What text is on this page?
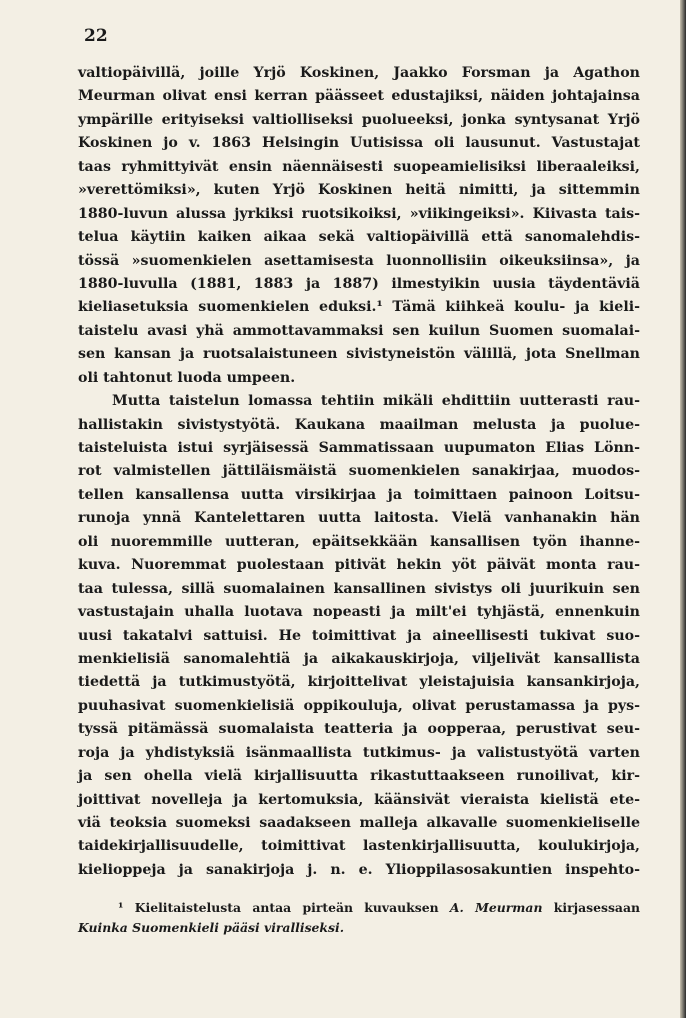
22
valtiopäivillä, joille Yrjö Koskinen, Jaakko Forsman ja Agathon
Meurman olivat ensi kerran päässeet edustajiksi, näiden johtajainsa
ympärille erityiseksi valtiolliseksi puolueeksi, jonka syntysanat Yrjö
Koskinen jo v. 1863 Helsingin Uutisissa oli lausunut. Vastustajat
taas ryhmittyivät ensin näennäisesti suopeamielisiksi liberaaleiksi,
»verettömiksi», kuten Yrjö Koskinen heitä nimitti, ja sittemmin
1880-luvun alussa jyrkiksi ruotsikoiksi, »viikingeiksi». Kiivasta tais-
telua käytiin kaiken aikaa sekä valtiopäivillä että sanomalehdis-
tössä »suomenkielen asettamisesta luonnollisiin oikeuksiinsa», ja
1880-luvulla (1881, 1883 ja 1887) ilmestyikin uusia täydentäviä
kieliasetuksia suomenkielen eduksi.¹ Tämä kiihkeä koulu- ja kieli-
taistelu avasi yhä ammottavammaksi sen kuilun Suomen suomalai-
sen kansan ja ruotsalaistuneen sivistyneistön välillä, jota Snellman
oli tahtonut luoda umpeen.
Mutta taistelun lomassa tehtiin mikäli ehdittiin uutterasti rau-
hallistakin sivistystyötä. Kaukana maailman melusta ja puolue-
taisteluista istui syrjäisessä Sammatissaan uupumaton Elias Lönn-
rot valmistellen jättiläismäistä suomenkielen sanakirjaa, muodos-
tellen kansallensa uutta virsikirjaa ja toimittaen painoon Loitsu-
runoja ynnä Kantelettaren uutta laitosta. Vielä vanhanakin hän
oli nuoremmille uutteran, epäitsekkään kansallisen työn ihanne-
kuva. Nuoremmat puolestaan pitivät hekin yöt päivät monta rau-
taa tulessa, sillä suomalainen kansallinen sivistys oli juurikuin sen
vastustajain uhalla luotava nopeasti ja milt'ei tyhjästä, ennenkuin
uusi takatalvi sattuisi. He toimittivat ja aineellisesti tukivat suo-
menkielisiä sanomalehtiä ja aikakauskirjoja, viljelivät kansallista
tiedettä ja tutkimustyötä, kirjoittelivat yleistajuisia kansankirjoja,
puuhasivat suomenkielisiä oppikouluja, olivat perustamassa ja pys-
tyssä pitämässä suomalaista teatteria ja oopperaa, perustivat seu-
roja ja yhdistyksiä isänmaallista tutkimus- ja valistustyötä varten
ja sen ohella vielä kirjallisuutta rikastuttaakseen runoilivat, kir-
joittivat novelleja ja kertomuksia, käänsivät vieraista kielistä ete-
viä teoksia suomeksi saadakseen malleja alkavalle suomenkieliselle
taidekirjallisuudelle, toimittivat lastenkirjallisuutta, koulukirjoja,
kielioppeja ja sanakirjoja j. n. e. Ylioppilasosakuntien inspehto-
¹ Kielitaistelusta antaa pirteän kuvauksen A. Meurman kirjasessaan
Kuinka Suomenkieli pääsi viralliseksi.
